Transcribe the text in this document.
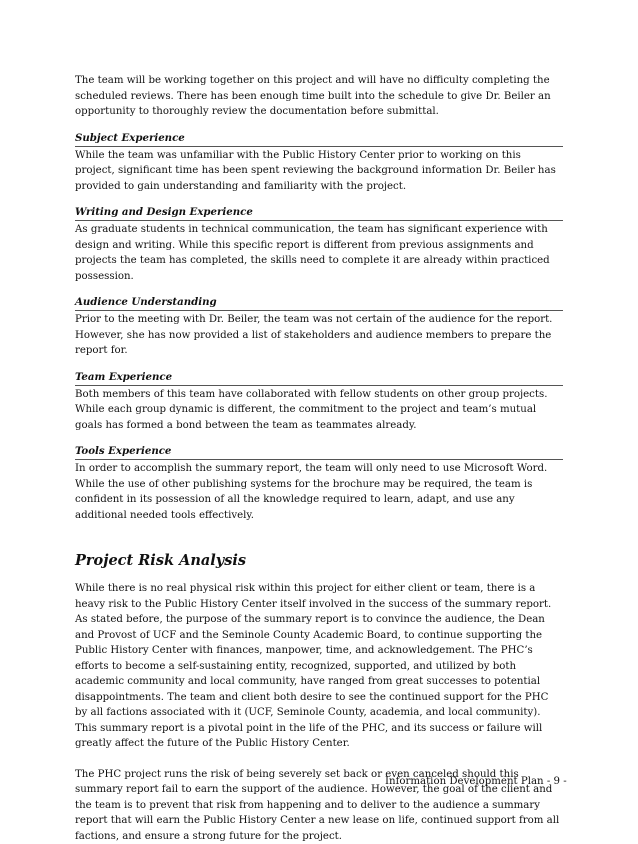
The team will be working together on this project and will have no difficulty completing the scheduled reviews. There has been enough time built into the schedule to give Dr. Beiler an opportunity to thoroughly review the documentation before submittal.

Subject Experience

While the team was unfamiliar with the Public History Center prior to working on this project, significant time has been spent reviewing the background information Dr. Beiler has provided to gain understanding and familiarity with the project.

Writing and Design Experience

As graduate students in technical communication, the team has significant experience with design and writing. While this specific report is different from previous assignments and projects the team has completed, the skills need to complete it are already within practiced possession.

Audience Understanding

Prior to the meeting with Dr. Beiler, the team was not certain of the audience for the report. However, she has now provided a list of stakeholders and audience members to prepare the report for.

Team Experience

Both members of this team have collaborated with fellow students on other group projects. While each group dynamic is different, the commitment to the project and team’s mutual goals has formed a bond between the team as teammates already.

Tools Experience

In order to accomplish the summary report, the team will only need to use Microsoft Word. While the use of other publishing systems for the brochure may be required, the team is confident in its possession of all the knowledge required to learn, adapt, and use any additional needed tools effectively.

Project Risk Analysis

While there is no real physical risk within this project for either client or team, there is a heavy risk to the Public History Center itself involved in the success of the summary report. As stated before, the purpose of the summary report is to convince the audience, the Dean and Provost of UCF and the Seminole County Academic Board, to continue supporting the Public History Center with finances, manpower, time, and acknowledgement. The PHC’s efforts to become a self-sustaining entity, recognized, supported, and utilized by both academic community and local community, have ranged from great successes to potential disappointments. The team and client both desire to see the continued support for the PHC by all factions associated with it (UCF, Seminole County, academia, and local community). This summary report is a pivotal point in the life of the PHC, and its success or failure will greatly affect the future of the Public History Center.

The PHC project runs the risk of being severely set back or even canceled should this summary report fail to earn the support of the audience. However, the goal of the client and the team is to prevent that risk from happening and to deliver to the audience a summary report that will earn the Public History Center a new lease on life, continued support from all factions, and ensure a strong future for the project.

Information Development Plan - 9 -
